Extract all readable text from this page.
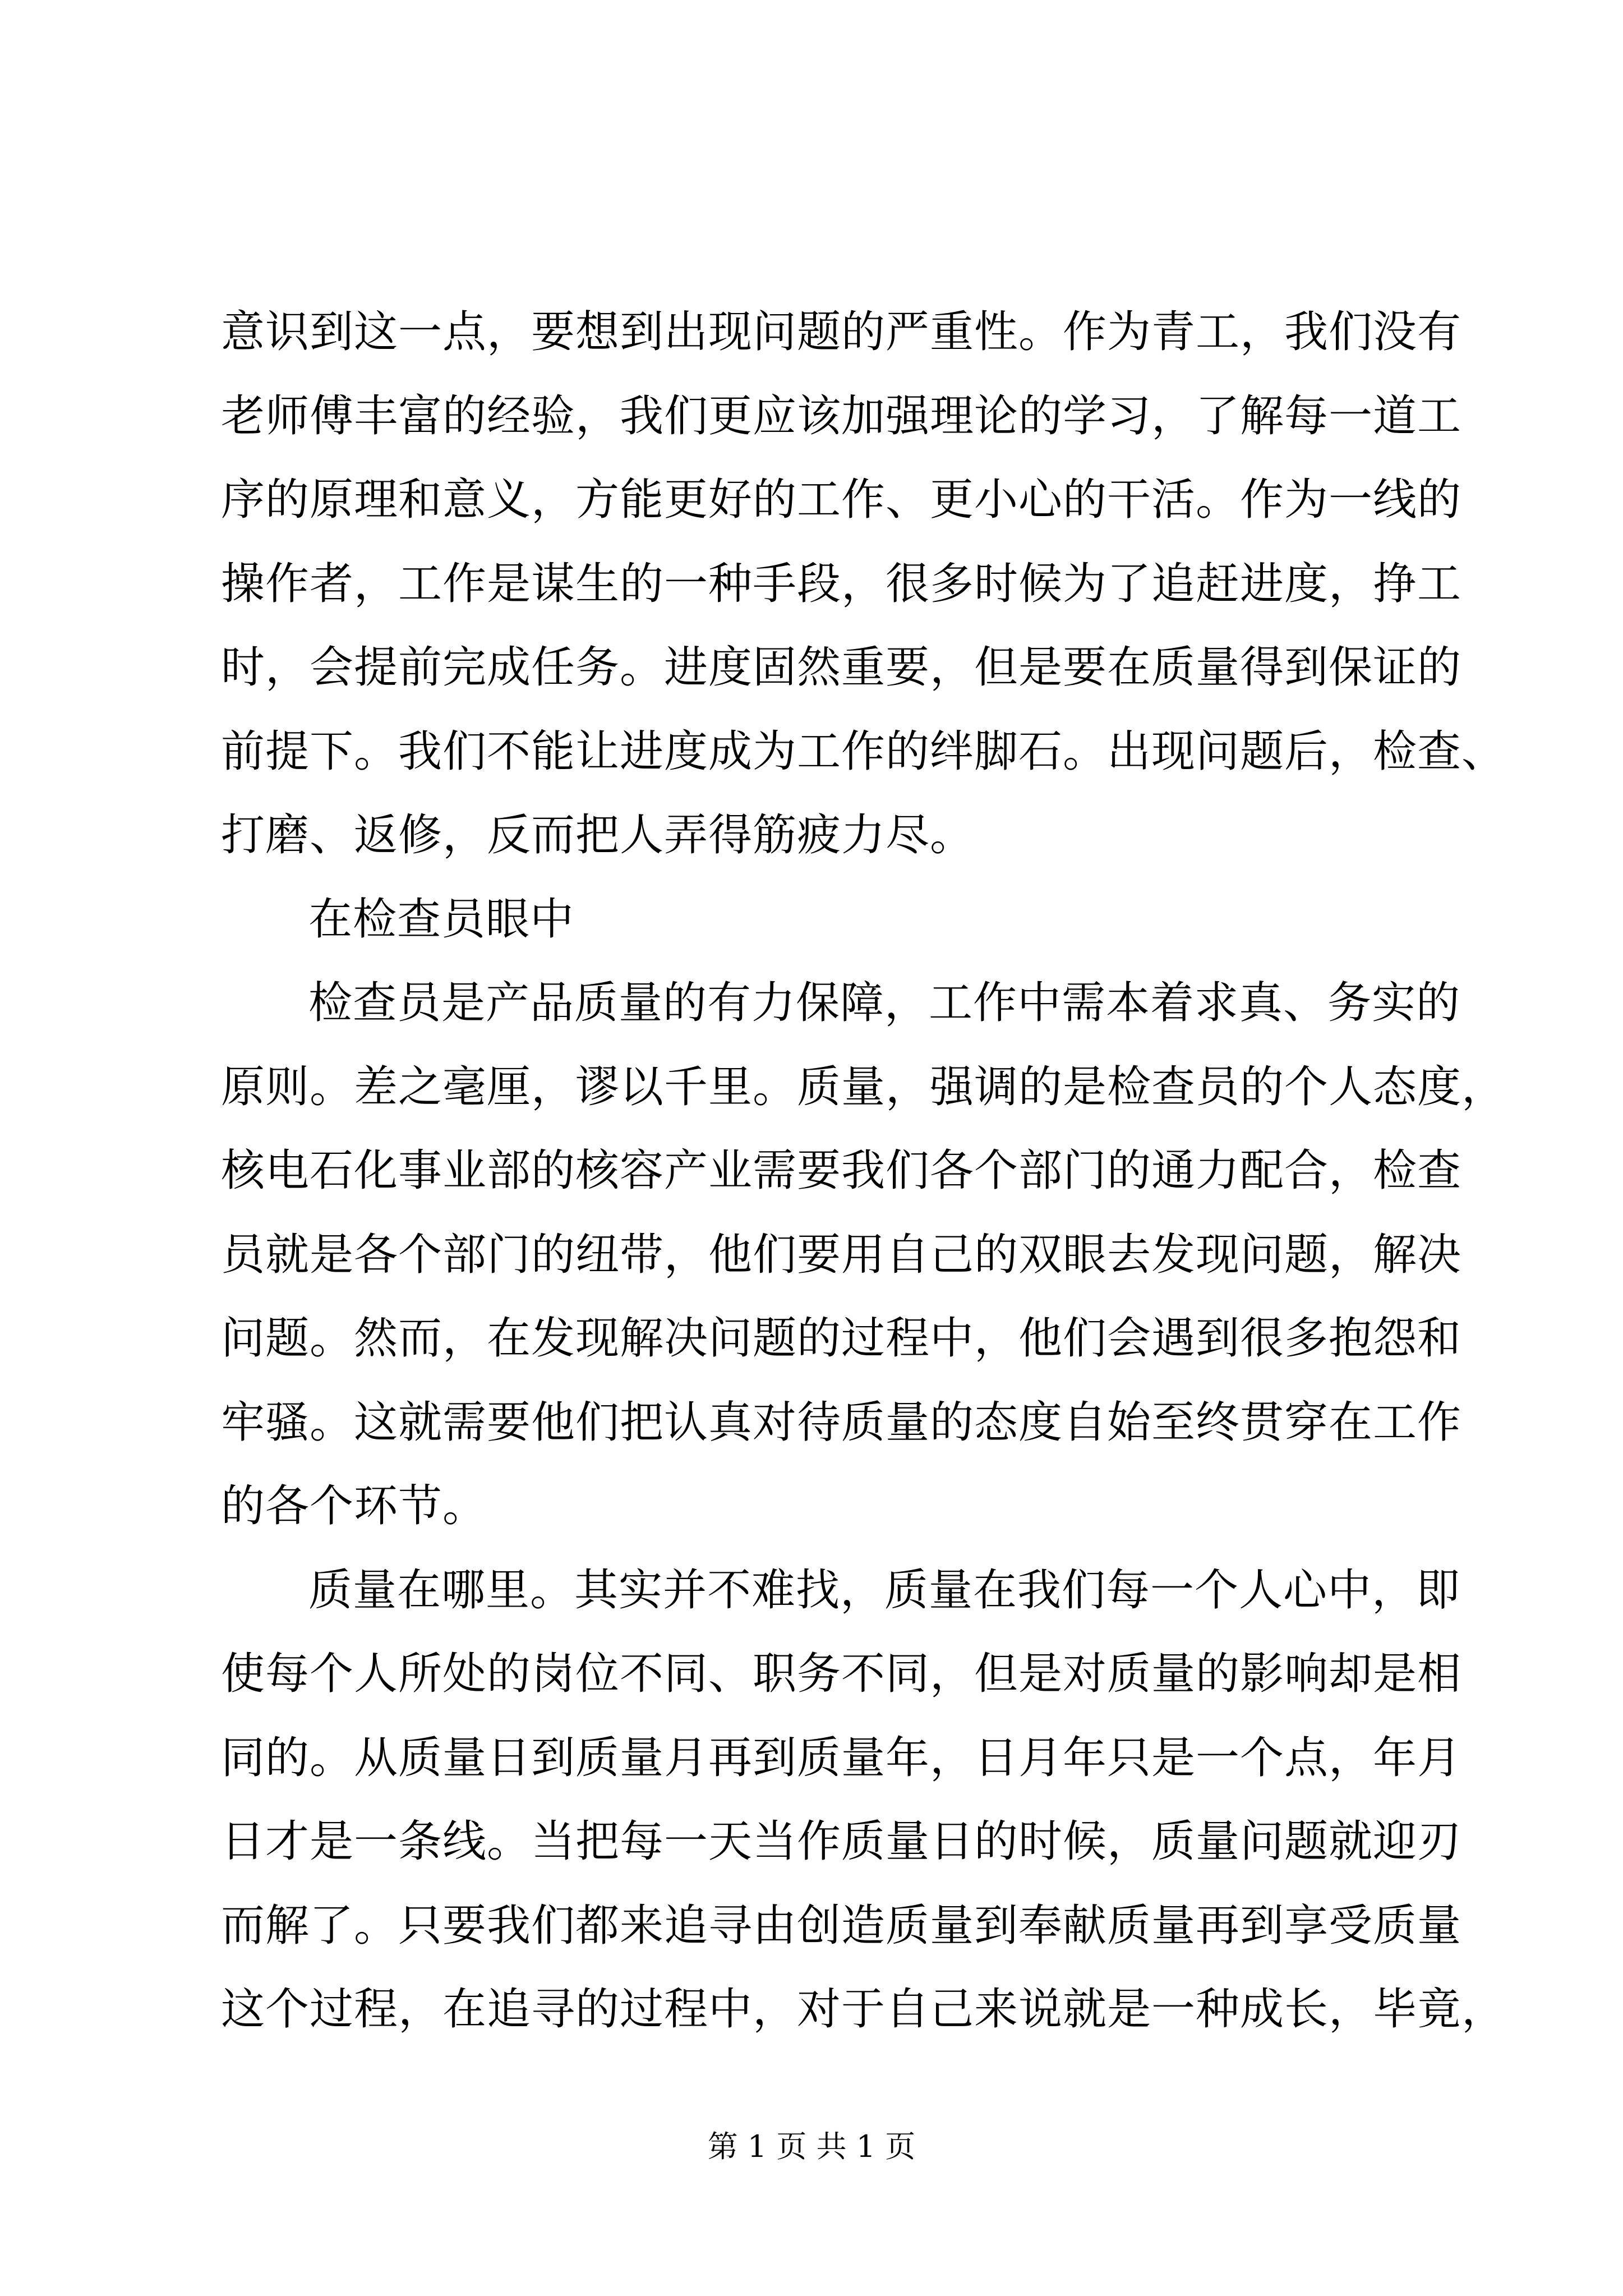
意识到这一点，要想到出现问题的严重性。作为青工，我们没有
老师傅丰富的经验，我们更应该加强理论的学习，了解每一道工
序的原理和意义，方能更好的工作、更小心的干活。作为一线的
操作者，工作是谋生的一种手段，很多时候为了追赶进度，挣工
时，会提前完成任务。进度固然重要，但是要在质量得到保证的
前提下。我们不能让进度成为工作的绊脚石。出现问题后，检查、
打磨、返修，反而把人弄得筋疲力尽。
在检查员眼中
检查员是产品质量的有力保障，工作中需本着求真、务实的
原则。差之毫厘，谬以千里。质量，强调的是检查员的个人态度，
核电石化事业部的核容产业需要我们各个部门的通力配合，检查
员就是各个部门的纽带，他们要用自己的双眼去发现问题，解决
问题。然而，在发现解决问题的过程中，他们会遇到很多抱怨和
牢骚。这就需要他们把认真对待质量的态度自始至终贯穿在工作
的各个环节。
质量在哪里。其实并不难找，质量在我们每一个人心中，即
使每个人所处的岗位不同、职务不同，但是对质量的影响却是相
同的。从质量日到质量月再到质量年，日月年只是一个点，年月
日才是一条线。当把每一天当作质量日的时候，质量问题就迎刃
而解了。只要我们都来追寻由创造质量到奉献质量再到享受质量
这个过程，在追寻的过程中，对于自己来说就是一种成长，毕竟，
第 1 页 共 1 页
